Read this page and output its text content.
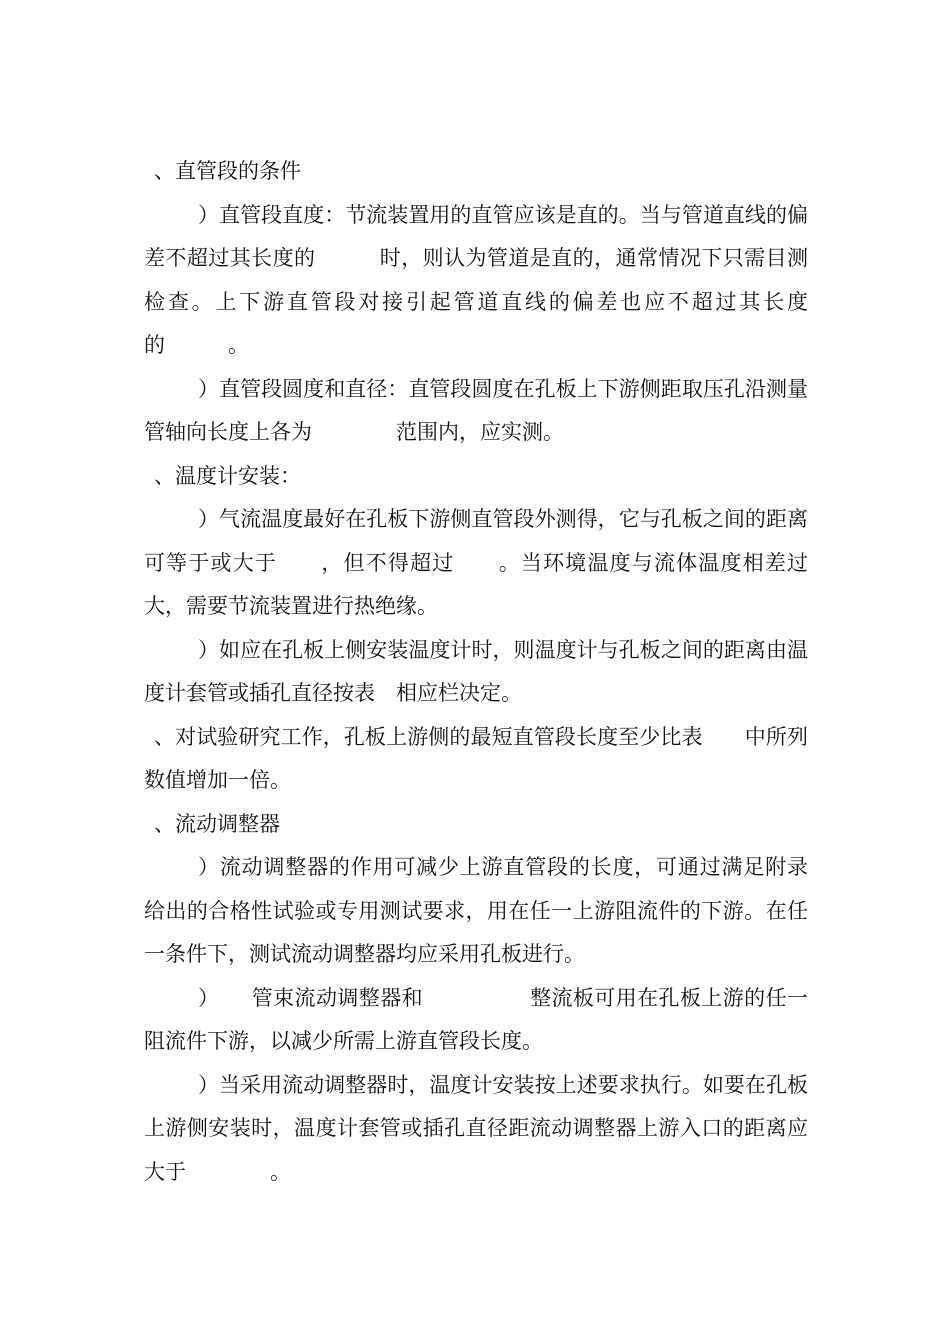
、直管段的条件

）直管段直度：节流装置用的直管应该是直的。当与管道直线的偏差不超过其长度的　　　时，则认为管道是直的，通常情况下只需目测检查。上下游直管段对接引起管道直线的偏差也应不超过其长度的　　　。

）直管段圆度和直径：直管段圆度在孔板上下游侧距取压孔沿测量管轴向长度上各为　　　　范围内，应实测。

、温度计安装：

）气流温度最好在孔板下游侧直管段外测得，它与孔板之间的距离可等于或大于　　，但不得超过　　。当环境温度与流体温度相差过大，需要节流装置进行热绝缘。

）如应在孔板上侧安装温度计时，则温度计与孔板之间的距离由温度计套管或插孔直径按表　相应栏决定。

、对试验研究工作，孔板上游侧的最短直管段长度至少比表　　中所列数值增加一倍。

、流动调整器

）流动调整器的作用可减少上游直管段的长度，可通过满足附录　　给出的合格性试验或专用测试要求，用在任一上游阻流件的下游。在任一条件下，测试流动调整器均应采用孔板进行。

）　　管束流动调整器和　　　　　整流板可用在孔板上游的任一阻流件下游，以减少所需上游直管段长度。

）当采用流动调整器时，温度计安装按上述要求执行。如要在孔板上游侧安装时，温度计套管或插孔直径距流动调整器上游入口的距离应大于　　　　。
